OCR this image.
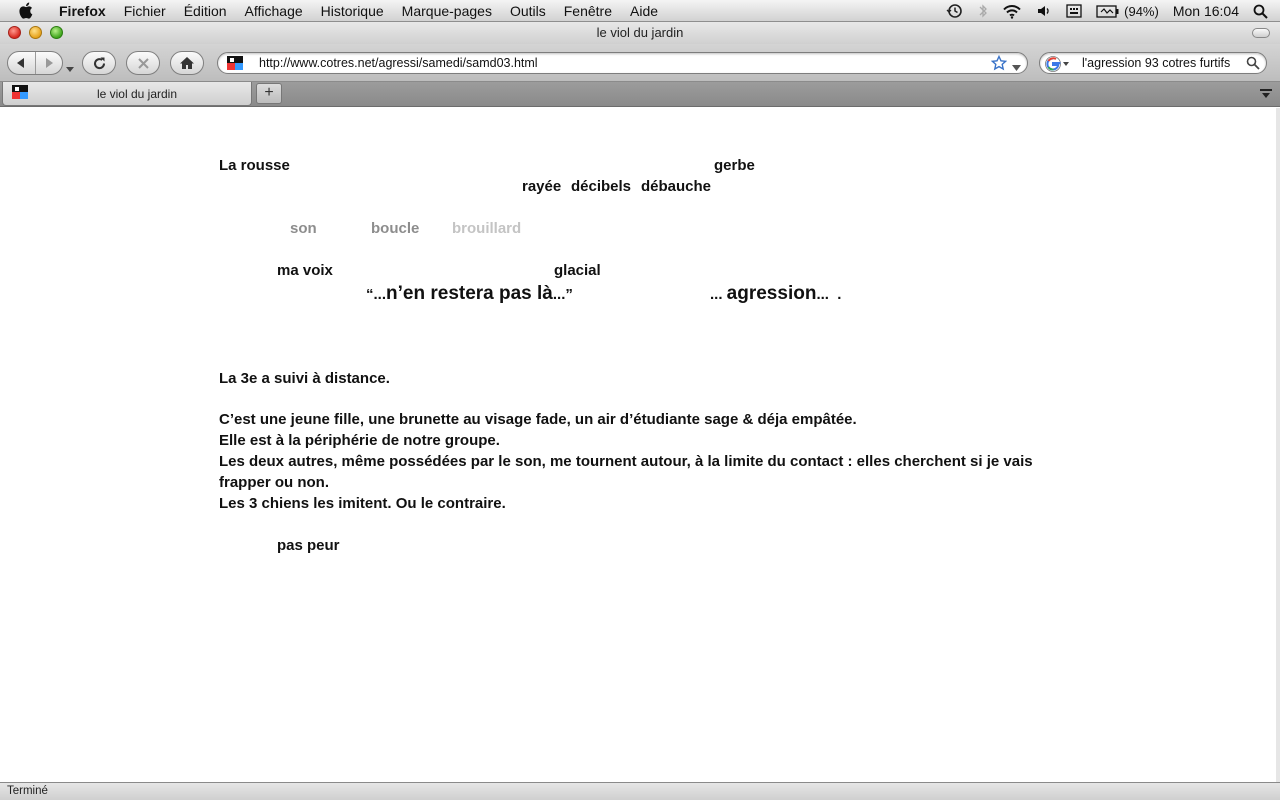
Firefox	Fichier	Édition	Affichage	Historique	Marque-pages	Outils	Fenêtre	Aide	(94%) Mon 16:04
le viol du jardin
http://www.cotres.net/agressi/samedi/samd03.html	l'agression 93 cotres furtifs
le viol du jardin	+
La rousse	gerbe
rayée décibels débauche
son	boucle brouillard
ma voix	glacial
“...n’en restera pas là...”	... agression...  .
La 3e a suivi à distance.
C’est une jeune fille, une brunette au visage fade, un air d’étudiante sage & déja empâtée.
Elle est à la périphérie de notre groupe.
Les deux autres, même possédées par le son, me tournent autour, à la limite du contact : elles cherchent si je vais frapper ou non.
Les 3 chiens les imitent. Ou le contraire.
pas peur
Terminé
